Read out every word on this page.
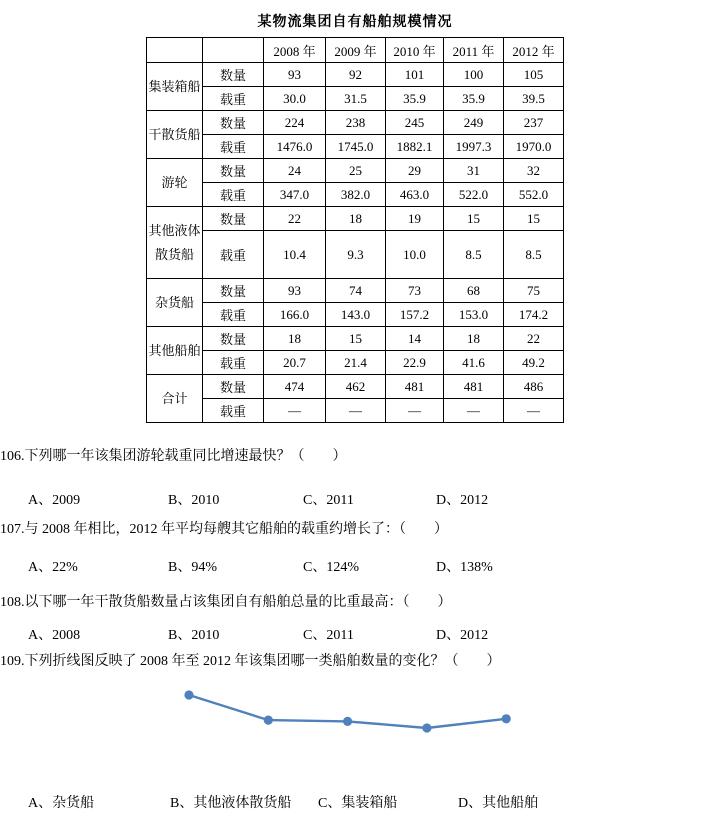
某物流集团自有船舶规模情况
		2008 年	2009 年	2010 年	2011 年	2012 年
集装箱船	数量	93	92	101	100	105
	载重	30.0	31.5	35.9	35.9	39.5
干散货船	数量	224	238	245	249	237
	载重	1476.0	1745.0	1882.1	1997.3	1970.0
游轮	数量	24	25	29	31	32
	载重	347.0	382.0	463.0	522.0	552.0
其他液体散货船	数量	22	18	19	15	15
	载重	10.4	9.3	10.0	8.5	8.5
杂货船	数量	93	74	73	68	75
	载重	166.0	143.0	157.2	153.0	174.2
其他船舶	数量	18	15	14	18	22
	载重	20.7	21.4	22.9	41.6	49.2
合计	数量	474	462	481	481	486
	载重	—	—	—	—	—
106.下列哪一年该集团游轮载重同比增速最快？（　　）
A、2009	B、2010	C、2011	D、2012
107.与 2008 年相比，2012 年平均每艘其它船舶的载重约增长了：（　　）
A、22%	B、94%	C、124%	D、138%
108.以下哪一年干散货船数量占该集团自有船舶总量的比重最高：（　　）
A、2008	B、2010	C、2011	D、2012
109.下列折线图反映了 2008 年至 2012 年该集团哪一类船舶数量的变化？（　　）
A、杂货船	B、其他液体散货船 C、集装箱船	D、其他船舶
